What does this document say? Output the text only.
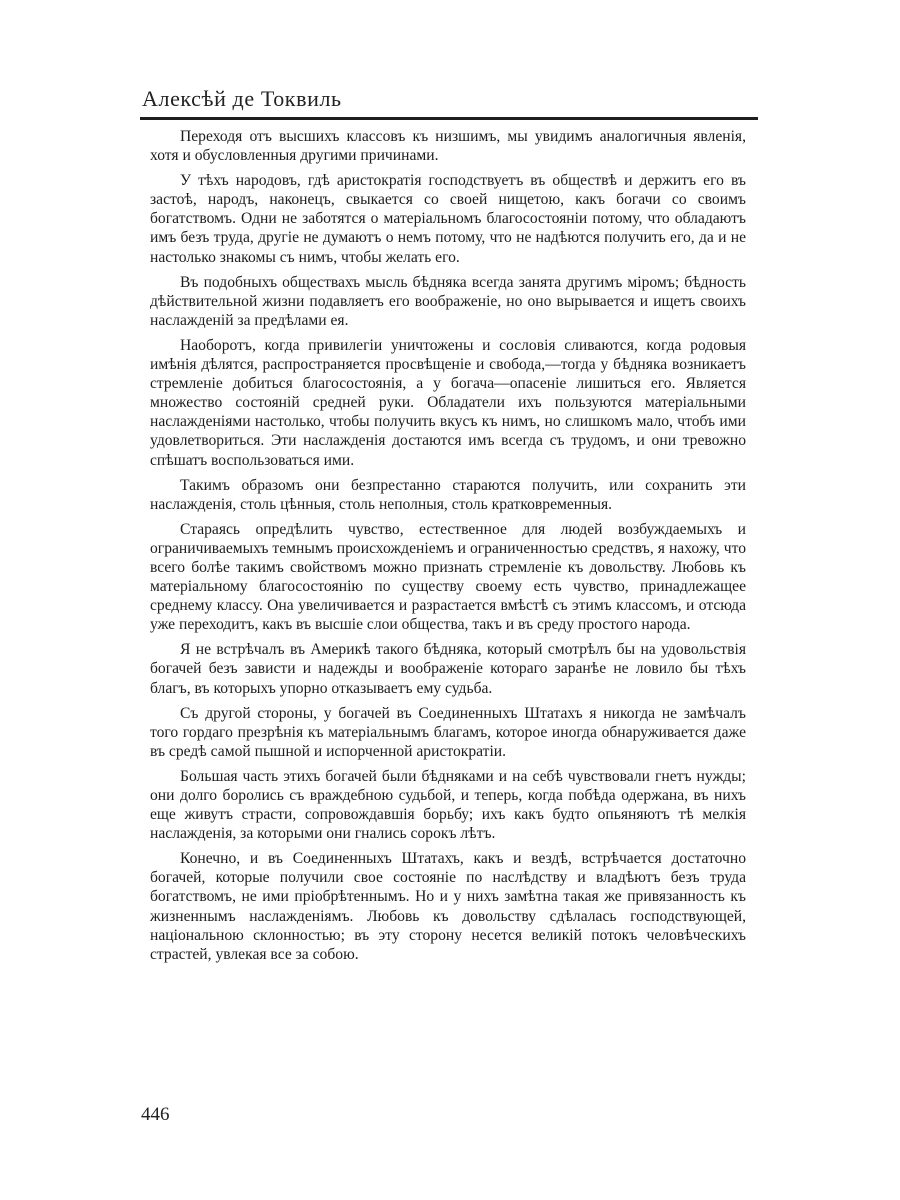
Алексѣй де Токвиль

Переходя отъ высшихъ классовъ къ низшимъ, мы увидимъ аналогичныя явленія, хотя и обусловленныя другими причинами.

У тѣхъ народовъ, гдѣ аристократія господствуетъ въ обществѣ и держитъ его въ застоѣ, народъ, наконецъ, свыкается со своей нищетою, какъ богачи со своимъ богатствомъ. Одни не заботятся о матеріальномъ благосостояніи потому, что обладаютъ имъ безъ труда, другіе не думаютъ о немъ потому, что не надѣются получить его, да и не настолько знакомы съ нимъ, чтобы желать его.

Въ подобныхъ обществахъ мысль бѣдняка всегда занята другимъ міромъ; бѣдность дѣйствительной жизни подавляетъ его воображеніе, но оно вырывается и ищетъ своихъ наслажденій за предѣлами ея.

Наоборотъ, когда привилегіи уничтожены и сословія сливаются, когда родовыя имѣнія дѣлятся, распространяется просвѣщеніе и свобода,—тогда у бѣдняка возникаетъ стремленіе добиться благосостоянія, а у богача—опасеніе лишиться его. Является множество состояній средней руки. Обладатели ихъ пользуются матеріальными наслажденіями настолько, чтобы получить вкусъ къ нимъ, но слишкомъ мало, чтобъ ими удовлетвориться. Эти наслажденія достаются имъ всегда съ трудомъ, и они тревожно спѣшатъ воспользоваться ими.

Такимъ образомъ они безпрестанно стараются получить, или сохранить эти наслажденія, столь цѣнныя, столь неполныя, столь кратковременныя.

Стараясь опредѣлить чувство, естественное для людей возбуждаемыхъ и ограничиваемыхъ темнымъ происхожденіемъ и ограниченностью средствъ, я нахожу, что всего болѣе такимъ свойствомъ можно признать стремленіе къ довольству. Любовь къ матеріальному благосостоянію по существу своему есть чувство, принадлежащее среднему классу. Она увеличивается и разрастается вмѣстѣ съ этимъ классомъ, и отсюда уже переходитъ, какъ въ высшіе слои общества, такъ и въ среду простого народа.

Я не встрѣчалъ въ Америкѣ такого бѣдняка, который смотрѣлъ бы на удовольствія богачей безъ зависти и надежды и воображеніе котораго заранѣе не ловило бы тѣхъ благъ, въ которыхъ упорно отказываетъ ему судьба.

Съ другой стороны, у богачей въ Соединенныхъ Штатахъ я никогда не замѣчалъ того гордаго презрѣнія къ матеріальнымъ благамъ, которое иногда обнаруживается даже въ средѣ самой пышной и испорченной аристократіи.

Большая часть этихъ богачей были бѣдняками и на себѣ чувствовали гнетъ нужды; они долго боролись съ враждебною судьбой, и теперь, когда побѣда одержана, въ нихъ еще живутъ страсти, сопровождавшія борьбу; ихъ какъ будто опьяняютъ тѣ мелкія наслажденія, за которыми они гнались сорокъ лѣтъ.

Конечно, и въ Соединенныхъ Штатахъ, какъ и вездѣ, встрѣчается достаточно богачей, которые получили свое состояніе по наслѣдству и владѣютъ безъ труда богатствомъ, не ими пріобрѣтеннымъ. Но и у нихъ замѣтна такая же привязанность къ жизненнымъ наслажденіямъ. Любовь къ довольству сдѣлалась господствующей, національною склонностью; въ эту сторону несется великій потокъ человѣческихъ страстей, увлекая все за собою.

446
